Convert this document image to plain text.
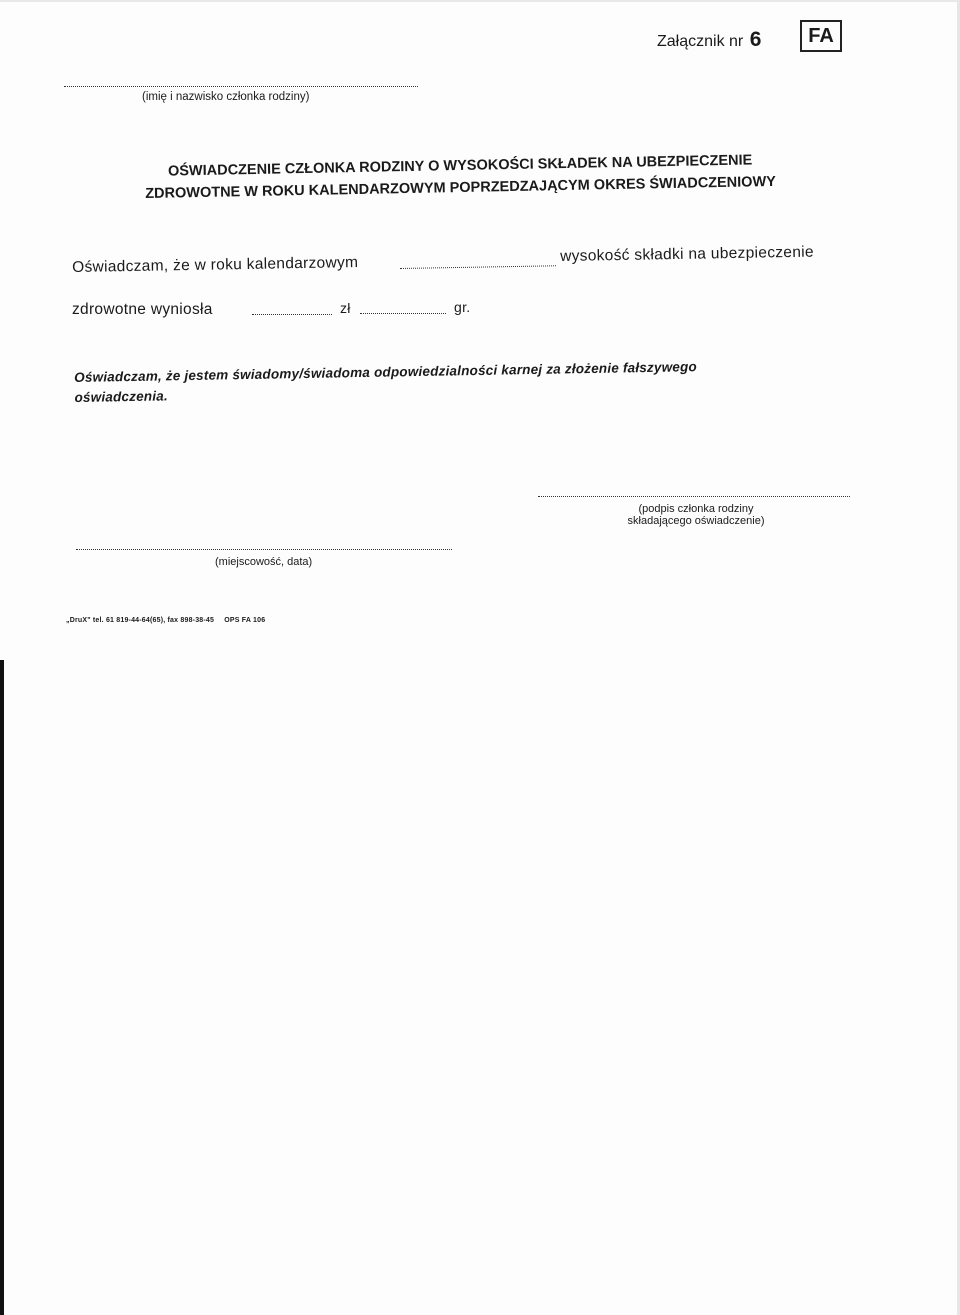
Załącznik nr 6	FA
(imię i nazwisko członka rodziny)
OŚWIADCZENIE CZŁONKA RODZINY O WYSOKOŚCI SKŁADEK NA UBEZPIECZENIE
ZDROWOTNE W ROKU KALENDARZOWYM POPRZEDZAJĄCYM OKRES ŚWIADCZENIOWY
Oświadczam, że w roku kalendarzowym	wysokość składki na ubezpieczenie
zdrowotne wyniosła	zł	gr.
Oświadczam, że jestem świadomy/świadoma odpowiedzialności karnej za złożenie fałszywego
oświadczenia.
(podpis członka rodziny
składającego oświadczenie)
(miejscowość, data)
„DruX" tel. 61 819-44-64(65), fax 898-38-45 OPS FA 106
